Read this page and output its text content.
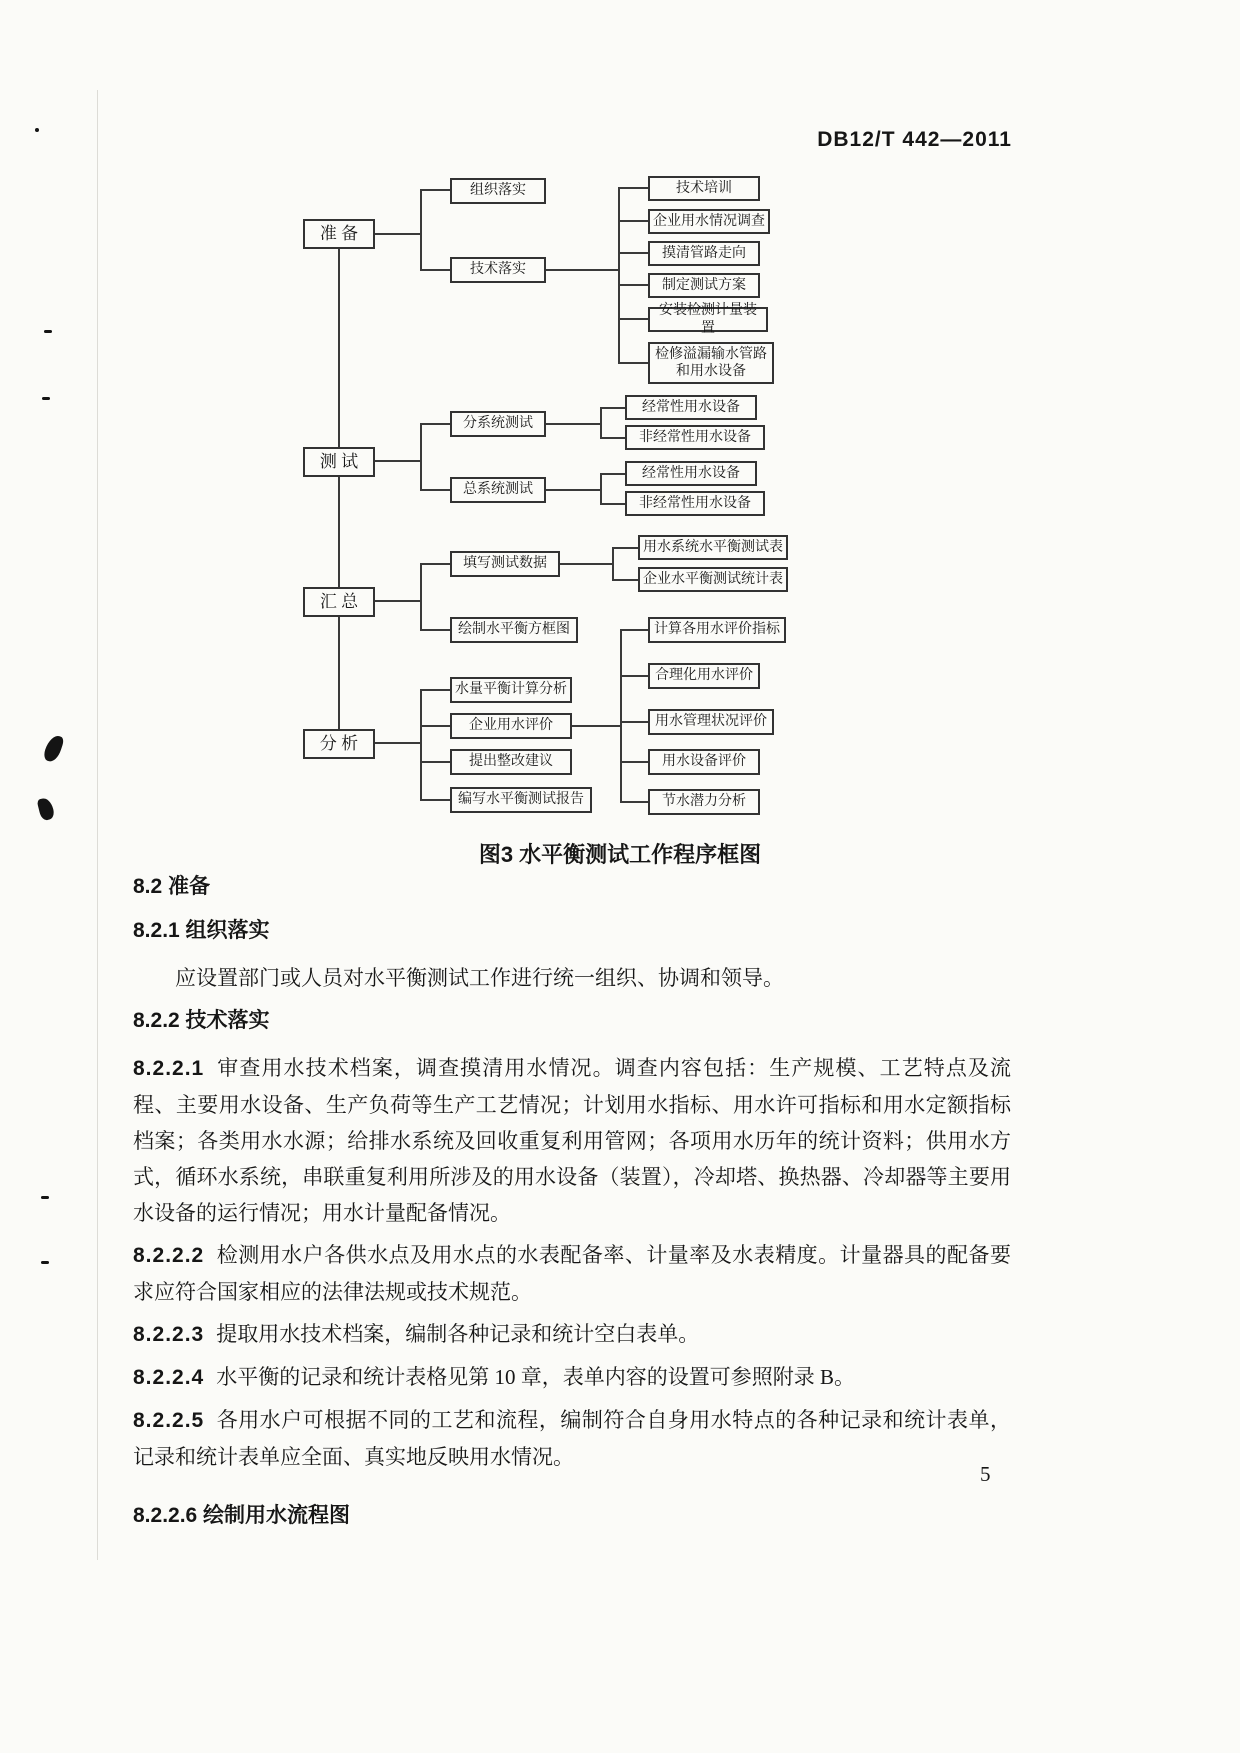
DB12/T 442—2011
准 备
测 试
汇 总
分 析
组织落实
技术落实
技术培训
企业用水情况调查
摸清管路走向
制定测试方案
安装检测计量装置
检修溢漏输水管路和用水设备
分系统测试
总系统测试
经常性用水设备
非经常性用水设备
经常性用水设备
非经常性用水设备
填写测试数据
绘制水平衡方框图
用水系统水平衡测试表
企业水平衡测试统计表
水量平衡计算分析
企业用水评价
提出整改建议
编写水平衡测试报告
计算各用水评价指标
合理化用水评价
用水管理状况评价
用水设备评价
节水潜力分析
图3 水平衡测试工作程序框图
8.2 准备
8.2.1 组织落实

应设置部门或人员对水平衡测试工作进行统一组织、协调和领导。

8.2.2 技术落实

8.2.2.1 审查用水技术档案，调查摸清用水情况。调查内容包括：生产规模、工艺特点及流程、主要用水设备、生产负荷等生产工艺情况；计划用水指标、用水许可指标和用水定额指标档案；各类用水水源；给排水系统及回收重复利用管网；各项用水历年的统计资料；供用水方式，循环水系统，串联重复利用所涉及的用水设备（装置），冷却塔、换热器、冷却器等主要用水设备的运行情况；用水计量配备情况。

8.2.2.2 检测用水户各供水点及用水点的水表配备率、计量率及水表精度。计量器具的配备要求应符合国家相应的法律法规或技术规范。

8.2.2.3 提取用水技术档案，编制各种记录和统计空白表单。

8.2.2.4 水平衡的记录和统计表格见第 10 章，表单内容的设置可参照附录 B。

8.2.2.5 各用水户可根据不同的工艺和流程，编制符合自身用水特点的各种记录和统计表单，记录和统计表单应全面、真实地反映用水情况。

8.2.2.6 绘制用水流程图
5
